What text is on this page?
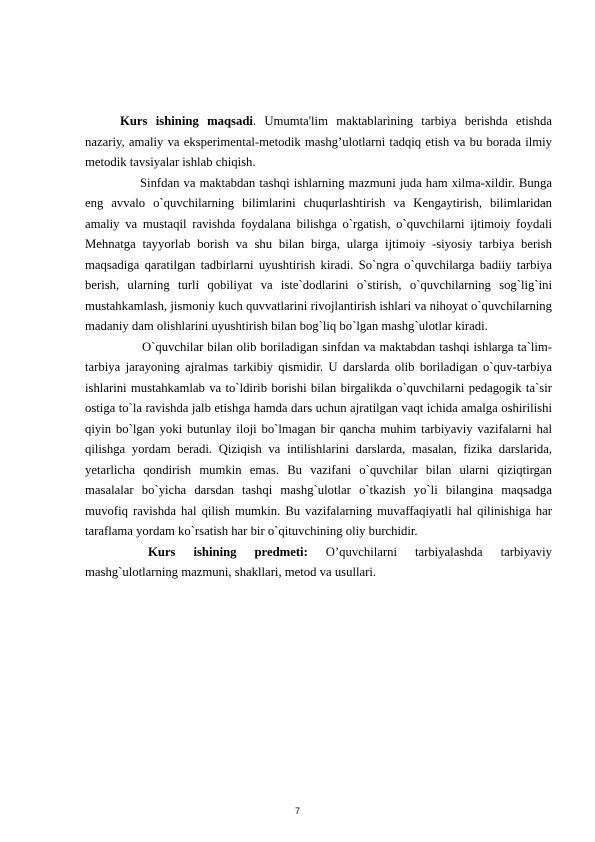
Kurs ishining maqsadi. Umumta'lim maktablarining tarbiya berishda etishda nazariy, amaliy va eksperimental-metodik mashg’ulotlarni tadqiq etish va bu borada ilmiy metodik tavsiyalar ishlab chiqish.

Sinfdan va maktabdan tashqi ishlarning mazmuni juda ham xilma-xildir. Bunga eng avvalo o`quvchilarning bilimlarini chuqurlashtirish va Kengaytirish, bilimlaridan amaliy va mustaqil ravishda foydalana bilishga o`rgatish, o`quvchilarni ijtimoiy foydali Mehnatga tayyorlab borish va shu bilan birga, ularga ijtimoiy -siyosiy tarbiya berish maqsadiga qaratilgan tadbirlarni uyushtirish kiradi. So`ngra o`quvchilarga badiiy tarbiya berish, ularning turli qobiliyat va iste`dodlarini o`stirish, o`quvchilarning sog`lig`ini mustahkamlash, jismoniy kuch quvvatlarini rivojlantirish ishlari va nihoyat o`quvchilarning madaniy dam olishlarini uyushtirish bilan bog`liq bo`lgan mashg`ulotlar kiradi.

O`quvchilar bilan olib boriladigan sinfdan va maktabdan tashqi ishlarga ta`lim-tarbiya jarayoning ajralmas tarkibiy qismidir. U darslarda olib boriladigan o`quv-tarbiya ishlarini mustahkamlab va to`ldirib borishi bilan birgalikda o`quvchilarni pedagogik ta`sir ostiga to`la ravishda jalb etishga hamda dars uchun ajratilgan vaqt ichida amalga oshirilishi qiyin bo`lgan yoki butunlay iloji bo`lmagan bir qancha muhim tarbiyaviy vazifalarni hal qilishga yordam beradi. Qiziqish va intilishlarini darslarda, masalan, fizika darslarida, yetarlicha qondirish mumkin emas. Bu vazifani o`quvchilar bilan ularni qiziqtirgan masalalar bo`yicha darsdan tashqi mashg`ulotlar o`tkazish yo`li bilangina maqsadga muvofiq ravishda hal qilish mumkin. Bu vazifalarning muvaffaqiyatli hal qilinishiga har taraflama yordam ko`rsatish har bir o`qituvchining oliy burchidir.

Kurs ishining predmeti: O’quvchilarni tarbiyalashda tarbiyaviy mashg`ulotlarning mazmuni, shakllari, metod va usullari.

7
